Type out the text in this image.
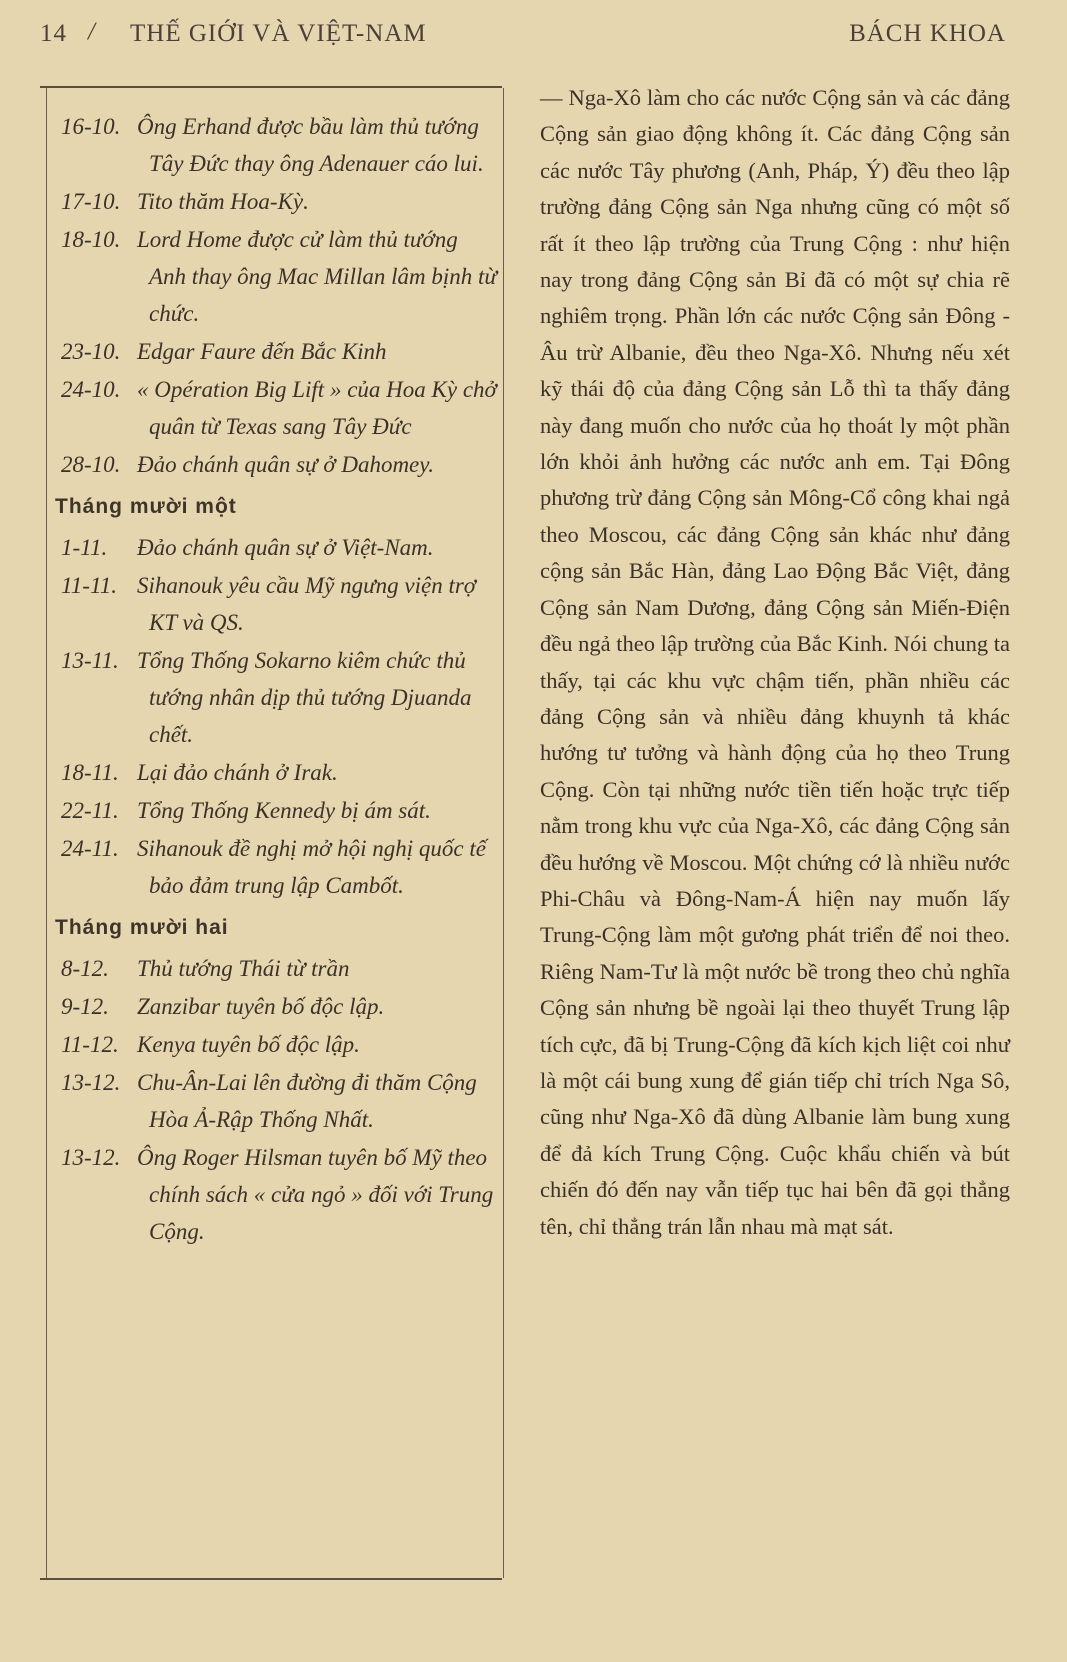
14 / THẾ GIỚI VÀ VIỆT-NAM	BÁCH KHOA
16-10. Ông Erhand được bầu làm thủ tướng Tây Đức thay ông Adenauer cáo lui.
17-10. Tito thăm Hoa-Kỳ.
18-10. Lord Home được cử làm thủ tướng Anh thay ông Mac Millan lâm bịnh từ chức.
23-10. Edgar Faure đến Bắc Kinh
24-10. « Opération Big Lift » của Hoa Kỳ chở quân từ Texas sang Tây Đức
28-10. Đảo chánh quân sự ở Dahomey.
Tháng mười một
1-11. Đảo chánh quân sự ở Việt-Nam.
11-11. Sihanouk yêu cầu Mỹ ngưng viện trợ KT và QS.
13-11. Tổng Thống Sokarno kiêm chức thủ tướng nhân dịp thủ tướng Djuanda chết.
18-11. Lại đảo chánh ở Irak.
22-11. Tổng Thống Kennedy bị ám sát.
24-11. Sihanouk đề nghị mở hội nghị quốc tế bảo đảm trung lập Cambốt.
Tháng mười hai
8-12. Thủ tướng Thái từ trần
9-12. Zanzibar tuyên bố độc lập.
11-12. Kenya tuyên bố độc lập.
13-12. Chu-Ân-Lai lên đường đi thăm Cộng Hòa Ả-Rập Thống Nhất.
13-12. Ông Roger Hilsman tuyên bố Mỹ theo chính sách « cửa ngỏ » đối với Trung Cộng.

— Nga-Xô làm cho các nước Cộng sản và các đảng Cộng sản giao động không ít. Các đảng Cộng sản các nước Tây phương (Anh, Pháp, Ý) đều theo lập trường đảng Cộng sản Nga nhưng cũng có một số rất ít theo lập trường của Trung Cộng : như hiện nay trong đảng Cộng sản Bỉ đã có một sự chia rẽ nghiêm trọng. Phần lớn các nước Cộng sản Đông - Âu trừ Albanie, đều theo Nga-Xô. Nhưng nếu xét kỹ thái độ của đảng Cộng sản Lỗ thì ta thấy đảng này đang muốn cho nước của họ thoát ly một phần lớn khỏi ảnh hưởng các nước anh em. Tại Đông phương trừ đảng Cộng sản Mông-Cổ công khai ngả theo Moscou, các đảng Cộng sản khác như đảng cộng sản Bắc Hàn, đảng Lao Động Bắc Việt, đảng Cộng sản Nam Dương, đảng Cộng sản Miến-Điện đều ngả theo lập trường của Bắc Kinh. Nói chung ta thấy, tại các khu vực chậm tiến, phần nhiều các đảng Cộng sản và nhiều đảng khuynh tả khác hướng tư tưởng và hành động của họ theo Trung Cộng. Còn tại những nước tiền tiến hoặc trực tiếp nằm trong khu vực của Nga-Xô, các đảng Cộng sản đều hướng về Moscou. Một chứng cớ là nhiều nước Phi-Châu và Đông-Nam-Á hiện nay muốn lấy Trung-Cộng làm một gương phát triển để noi theo. Riêng Nam-Tư là một nước bề trong theo chủ nghĩa Cộng sản nhưng bề ngoài lại theo thuyết Trung lập tích cực, đã bị Trung-Cộng đã kích kịch liệt coi như là một cái bung xung để gián tiếp chỉ trích Nga Sô, cũng như Nga-Xô đã dùng Albanie làm bung xung để đả kích Trung Cộng. Cuộc khẩu chiến và bút chiến đó đến nay vẫn tiếp tục hai bên đã gọi thẳng tên, chỉ thẳng trán lẫn nhau mà mạt sát.
